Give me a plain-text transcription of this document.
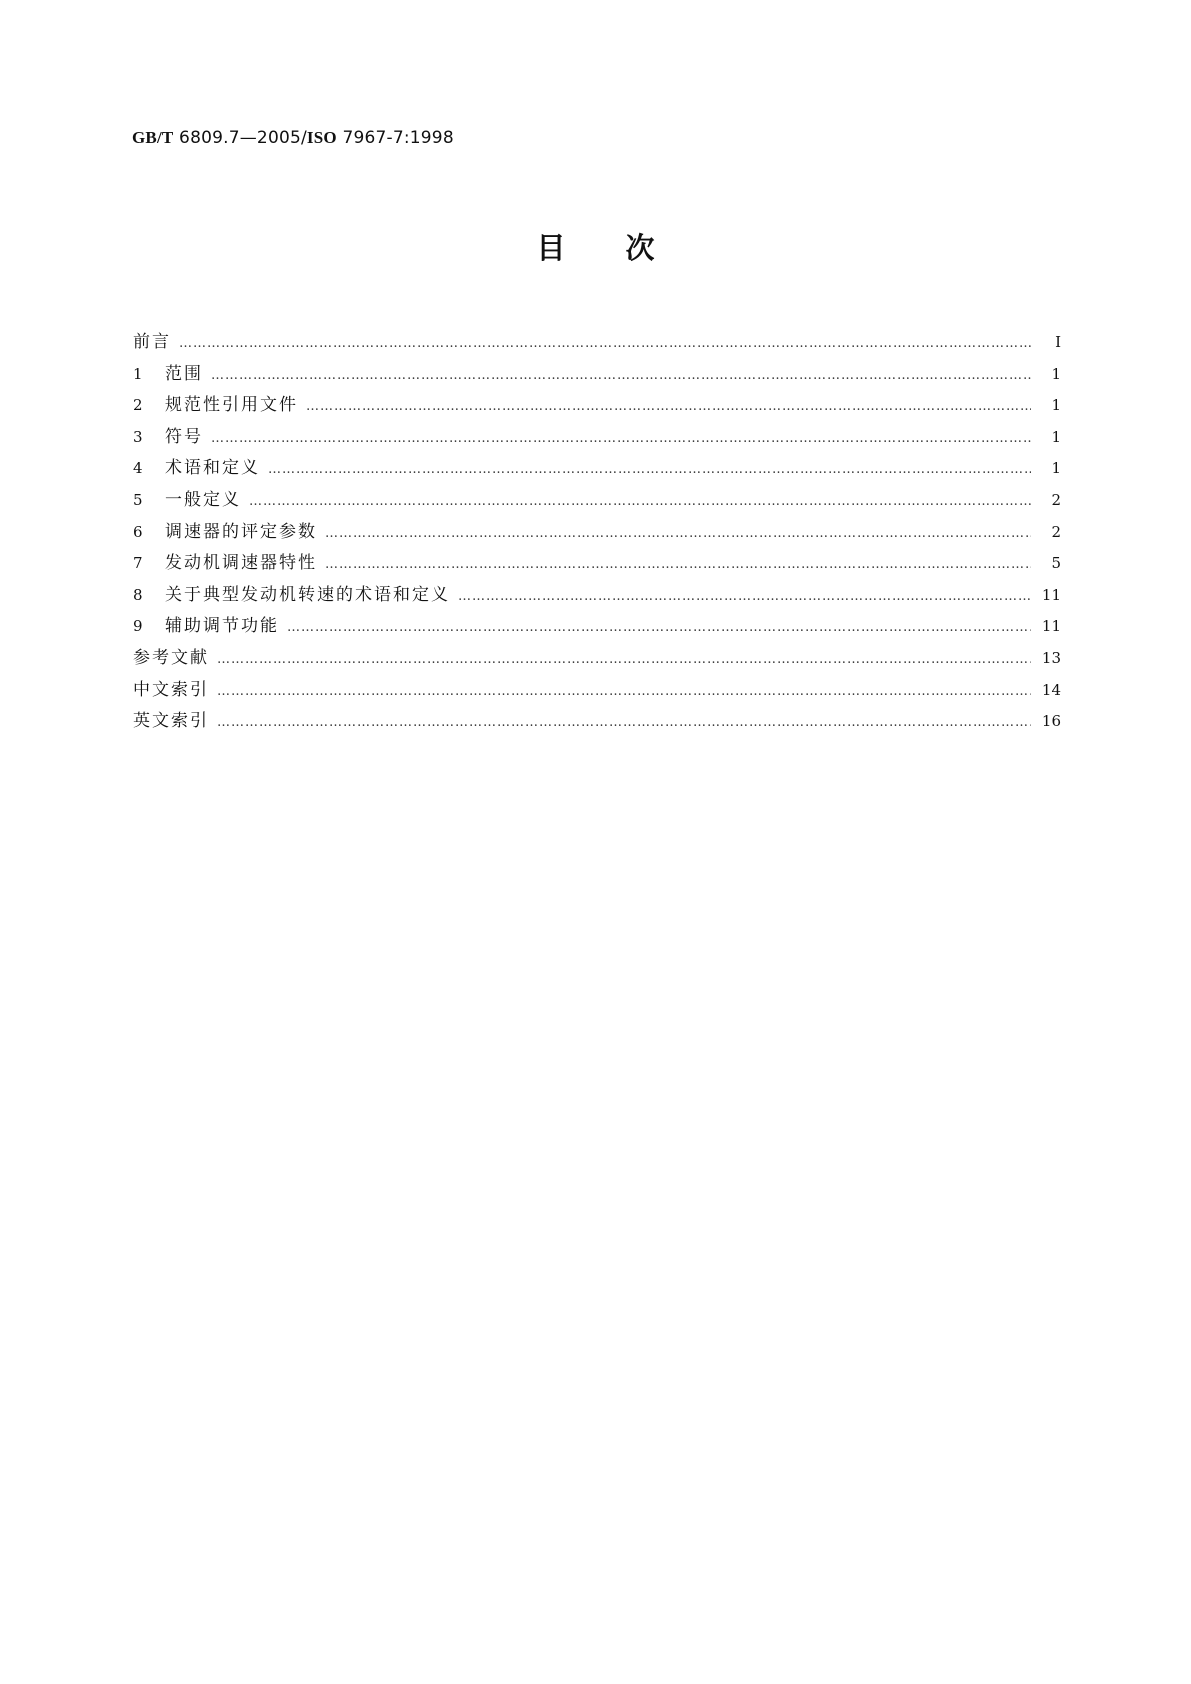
GB/T 6809.7—2005/ISO 7967-7:1998
目次
前言 ……………………………………………………………………………………………………………………………………………………………………………………………………	I
1	范围 ……………………………………………………………………………………………………………………………………………………………………………………………………	1
2	规范性引用文件 ……………………………………………………………………………………………………………………………………………………………………………………………………	1
3	符号 ……………………………………………………………………………………………………………………………………………………………………………………………………	1
4	术语和定义 ……………………………………………………………………………………………………………………………………………………………………………………………………	1
5	一般定义 ……………………………………………………………………………………………………………………………………………………………………………………………………	2
6	调速器的评定参数 ……………………………………………………………………………………………………………………………………………………………………………………………………	2
7	发动机调速器特性 ……………………………………………………………………………………………………………………………………………………………………………………………………	5
8	关于典型发动机转速的术语和定义 ……………………………………………………………………………………………………………………………………………………………………………………………………	11
9	辅助调节功能 ……………………………………………………………………………………………………………………………………………………………………………………………………	11
参考文献 ……………………………………………………………………………………………………………………………………………………………………………………………………	13
中文索引 ……………………………………………………………………………………………………………………………………………………………………………………………………	14
英文索引 ……………………………………………………………………………………………………………………………………………………………………………………………………	16
